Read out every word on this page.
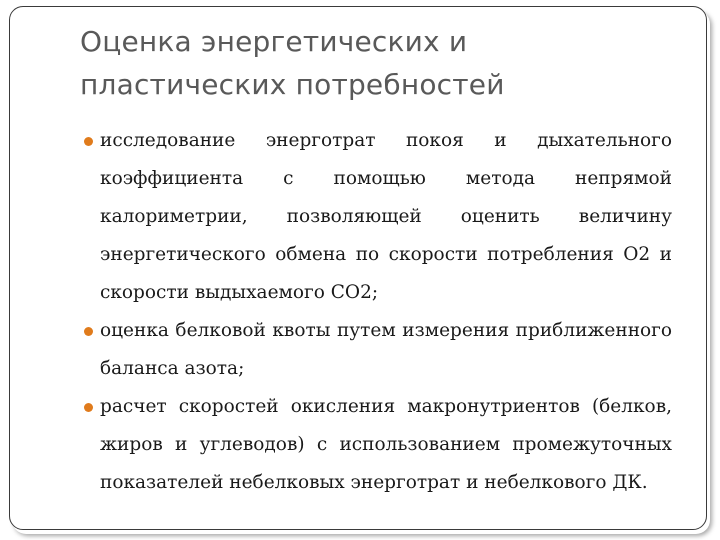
Оценка энергетических и пластических потребностей
исследование энерготрат покоя и дыхательного коэффициента с помощью метода непрямой калориметрии, позволяющей оценить величину энергетического обмена по скорости потребления О2 и скорости выдыхаемого СО2;
оценка белковой квоты путем измерения приближенного баланса азота;
расчет скоростей окисления макронутриентов (белков, жиров и углеводов) с использованием промежуточных показателей небелковых энерготрат и небелкового ДК.
